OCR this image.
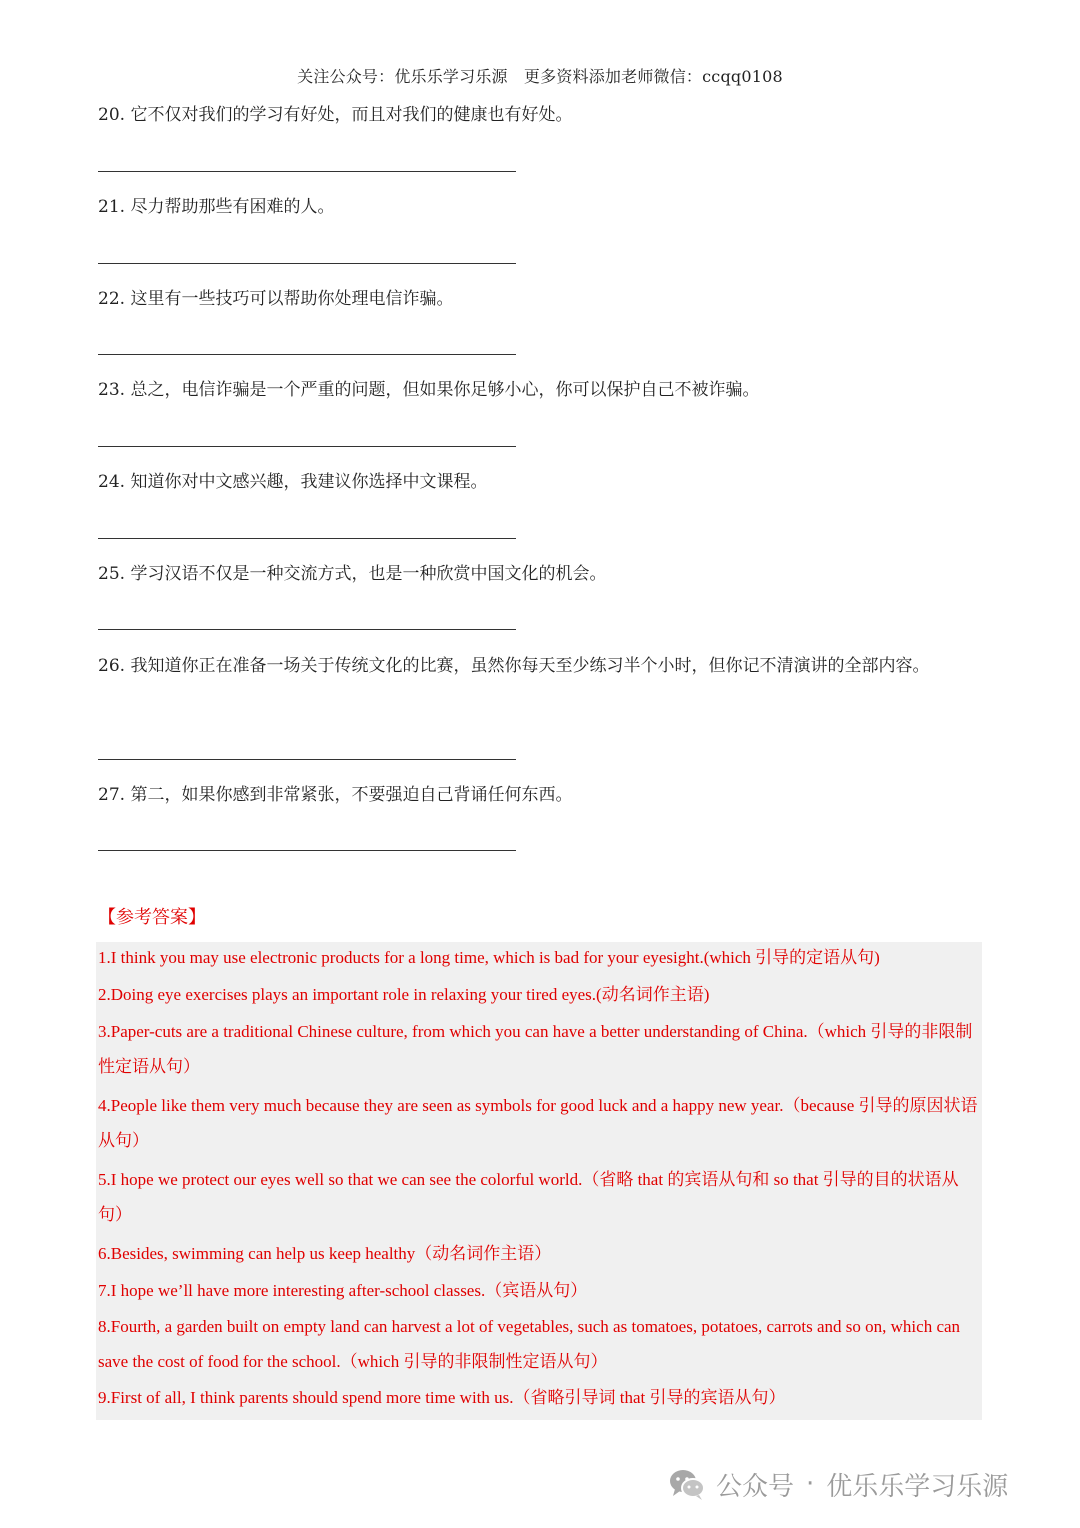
关注公众号：优乐乐学习乐源　更多资料添加老师微信：ccqq0108
20. 它不仅对我们的学习有好处，而且对我们的健康也有好处。
21. 尽力帮助那些有困难的人。
22. 这里有一些技巧可以帮助你处理电信诈骗。
23. 总之，电信诈骗是一个严重的问题，但如果你足够小心，你可以保护自己不被诈骗。
24. 知道你对中文感兴趣，我建议你选择中文课程。
25. 学习汉语不仅是一种交流方式，也是一种欣赏中国文化的机会。
26. 我知道你正在准备一场关于传统文化的比赛，虽然你每天至少练习半个小时，但你记不清演讲的全部内容。
27. 第二，如果你感到非常紧张，不要强迫自己背诵任何东西。
【参考答案】
1.I think you may use electronic products for a long time, which is bad for your eyesight.(which 引导的定语从句)
2.Doing eye exercises plays an important role in relaxing your tired eyes.(动名词作主语)
3.Paper-cuts are a traditional Chinese culture, from which you can have a better understanding of China.（which 引导的非限制性定语从句）
4.People like them very much because they are seen as symbols for good luck and a happy new year.（because 引导的原因状语从句）
5.I hope we protect our eyes well so that we can see the colorful world.（省略 that 的宾语从句和 so that 引导的目的状语从句）
6.Besides, swimming can help us keep healthy（动名词作主语）
7.I hope we’ll have more interesting after-school classes.（宾语从句）
8.Fourth, a garden built on empty land can harvest a lot of vegetables, such as tomatoes, potatoes, carrots and so on, which can save the cost of food for the school.（which 引导的非限制性定语从句）
9.First of all, I think parents should spend more time with us.（省略引导词 that 引导的宾语从句）
公众号 · 优乐乐学习乐源
